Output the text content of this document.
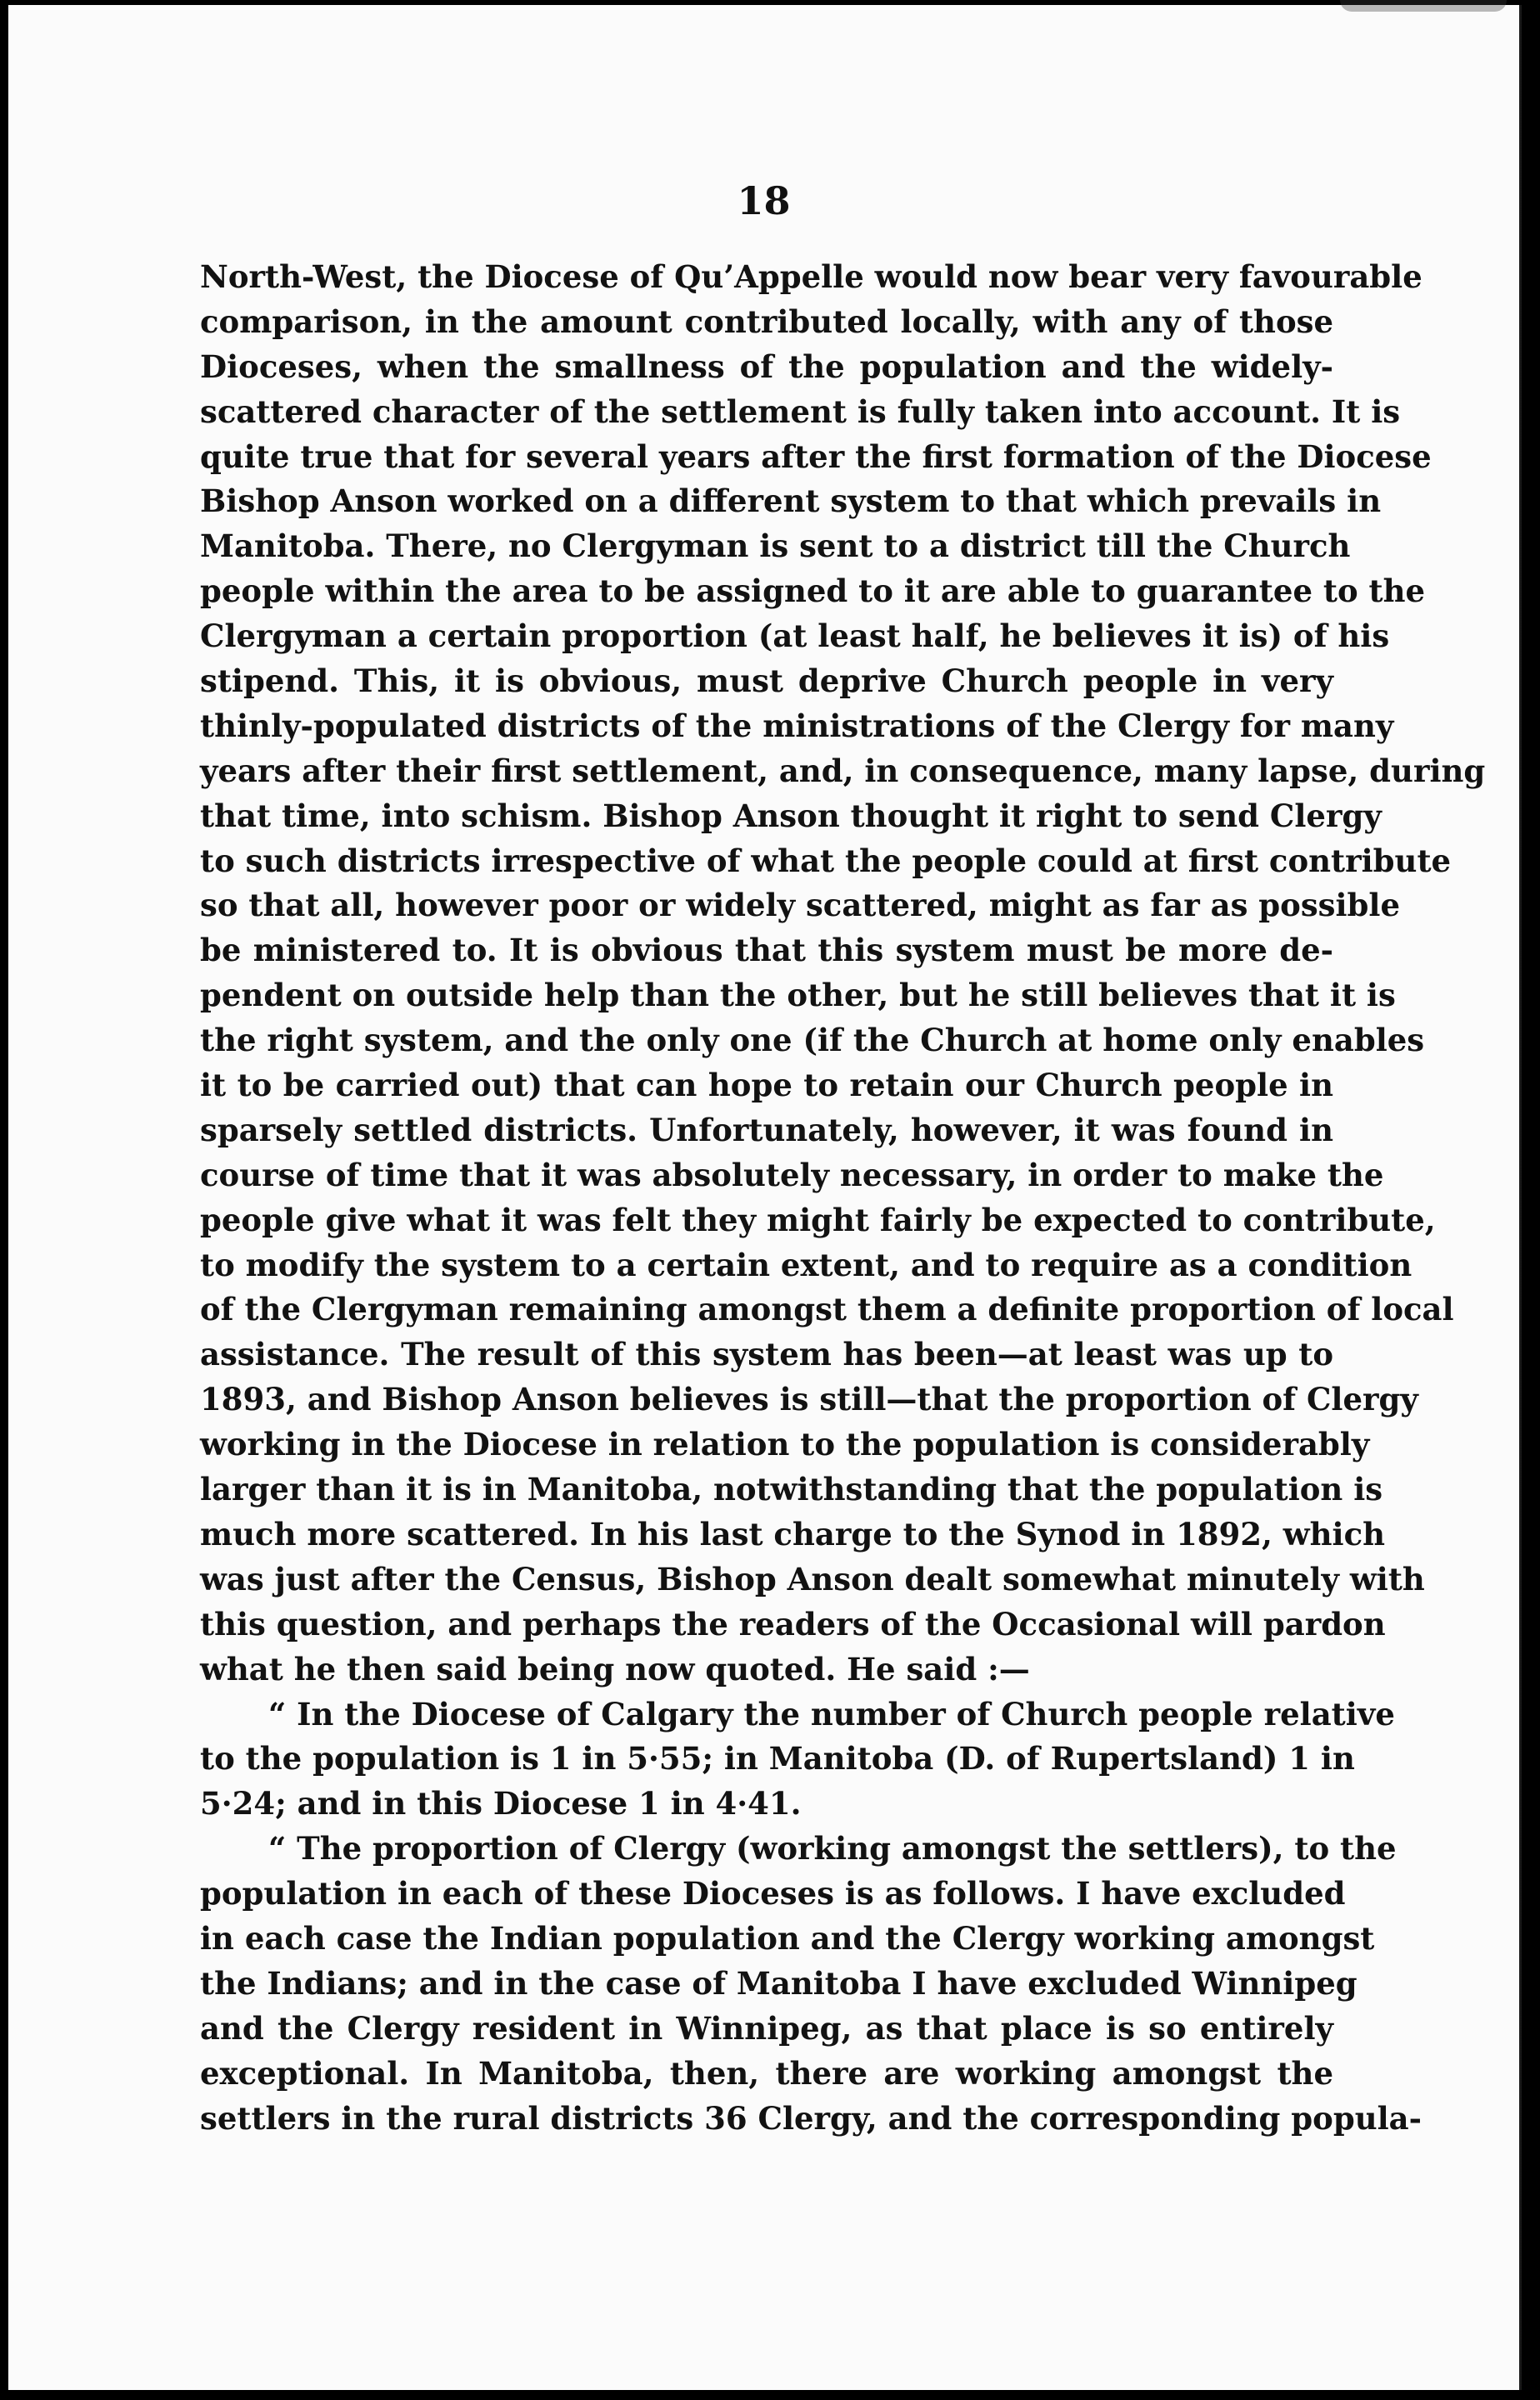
18
North-West, the Diocese of Qu’Appelle would now bear very favourable
comparison, in the amount contributed locally, with any of those
Dioceses, when the smallness of the population and the widely-
scattered character of the settlement is fully taken into account. It is
quite true that for several years after the first formation of the Diocese
Bishop Anson worked on a different system to that which prevails in
Manitoba. There, no Clergyman is sent to a district till the Church
people within the area to be assigned to it are able to guarantee to the
Clergyman a certain proportion (at least half, he believes it is) of his
stipend. This, it is obvious, must deprive Church people in very
thinly-populated districts of the ministrations of the Clergy for many
years after their first settlement, and, in consequence, many lapse, during
that time, into schism. Bishop Anson thought it right to send Clergy
to such districts irrespective of what the people could at first contribute
so that all, however poor or widely scattered, might as far as possible
be ministered to. It is obvious that this system must be more de-
pendent on outside help than the other, but he still believes that it is
the right system, and the only one (if the Church at home only enables
it to be carried out) that can hope to retain our Church people in
sparsely settled districts. Unfortunately, however, it was found in
course of time that it was absolutely necessary, in order to make the
people give what it was felt they might fairly be expected to contribute,
to modify the system to a certain extent, and to require as a condition
of the Clergyman remaining amongst them a definite proportion of local
assistance. The result of this system has been—at least was up to
1893, and Bishop Anson believes is still—that the proportion of Clergy
working in the Diocese in relation to the population is considerably
larger than it is in Manitoba, notwithstanding that the population is
much more scattered. In his last charge to the Synod in 1892, which
was just after the Census, Bishop Anson dealt somewhat minutely with
this question, and perhaps the readers of the Occasional will pardon
what he then said being now quoted. He said :—
“ In the Diocese of Calgary the number of Church people relative
to the population is 1 in 5·55; in Manitoba (D. of Rupertsland) 1 in
5·24; and in this Diocese 1 in 4·41.
“ The proportion of Clergy (working amongst the settlers), to the
population in each of these Dioceses is as follows. I have excluded
in each case the Indian population and the Clergy working amongst
the Indians; and in the case of Manitoba I have excluded Winnipeg
and the Clergy resident in Winnipeg, as that place is so entirely
exceptional. In Manitoba, then, there are working amongst the
settlers in the rural districts 36 Clergy, and the corresponding popula-
